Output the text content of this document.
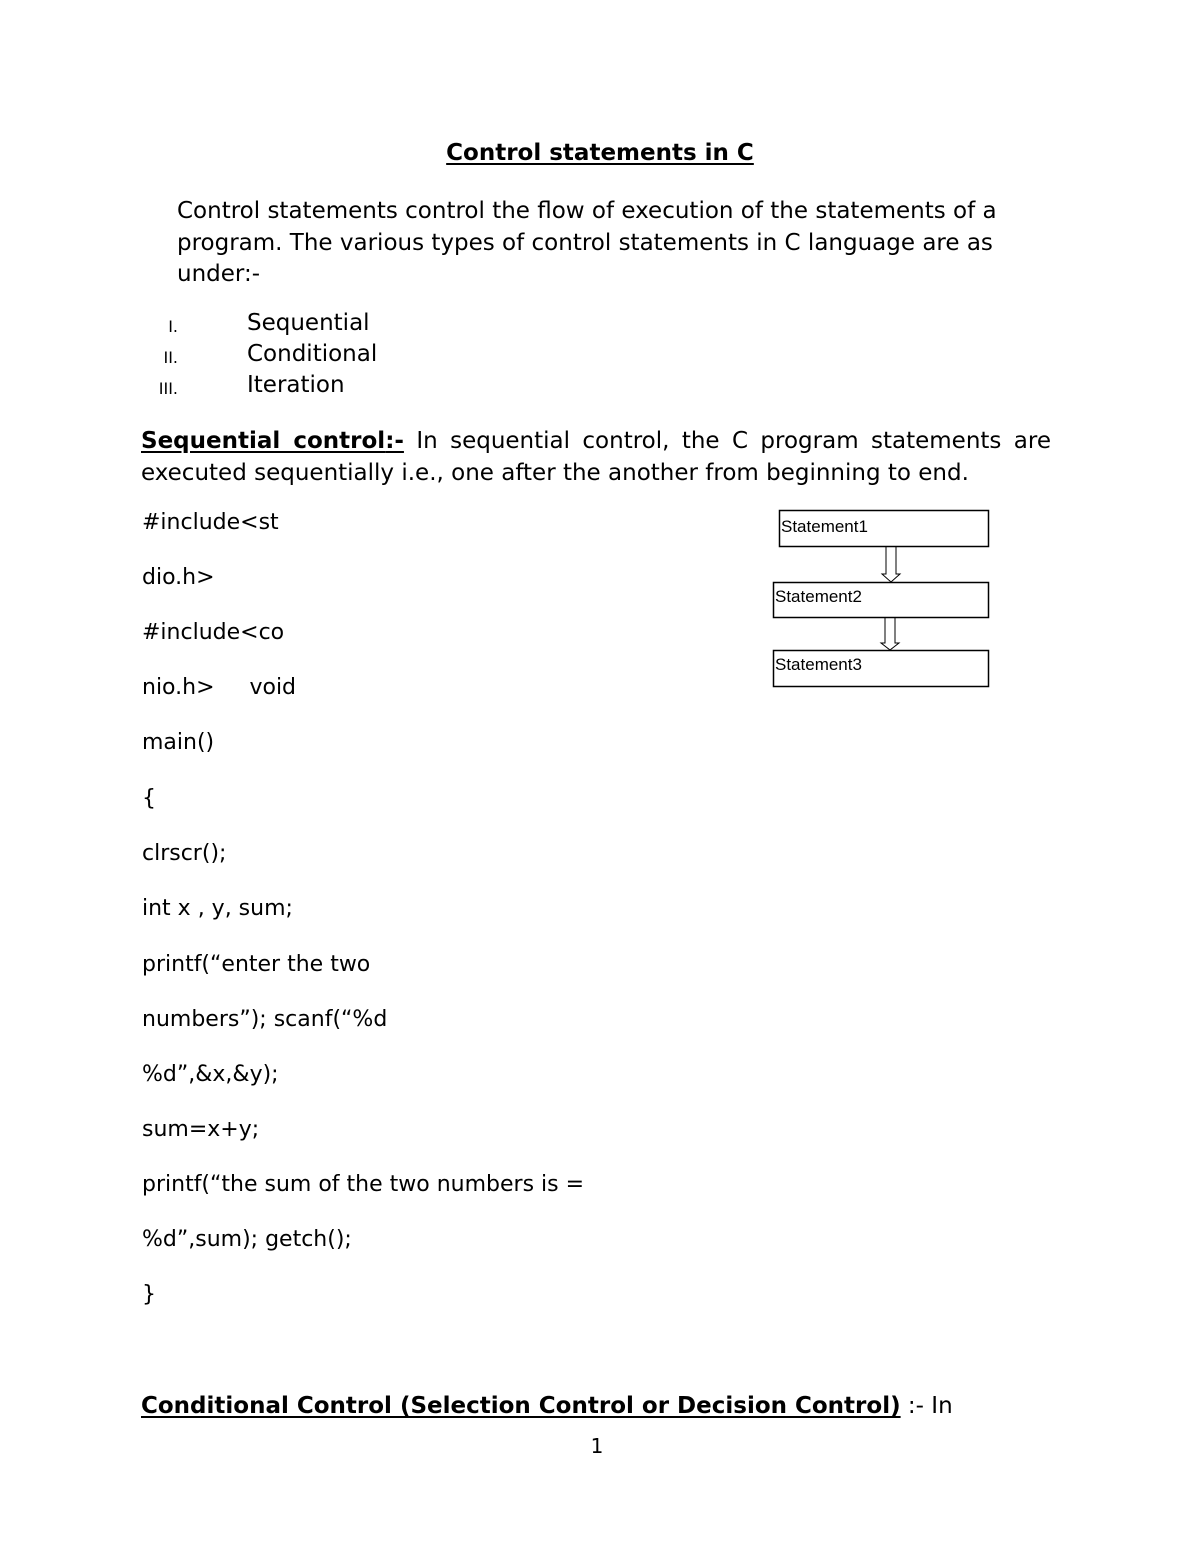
Control statements in C
Control statements control the flow of execution of the statements of a program. The various types of control statements in C language are as under:-
I.	Sequential
II.	Conditional
III.	Iteration
Sequential control:- In sequential control, the C program statements are executed sequentially i.e., one after the another from beginning to end.
#include<st
dio.h>
#include<co
nio.h>     void
main()
{
clrscr();
int x , y, sum;
printf(“enter the two
numbers”); scanf(“%d
%d”,&x,&y);
sum=x+y;
printf(“the sum of the two numbers is =
%d”,sum); getch();
}
Statement1
Statement2
Statement3
Conditional Control (Selection Control or Decision Control) :- In
1
